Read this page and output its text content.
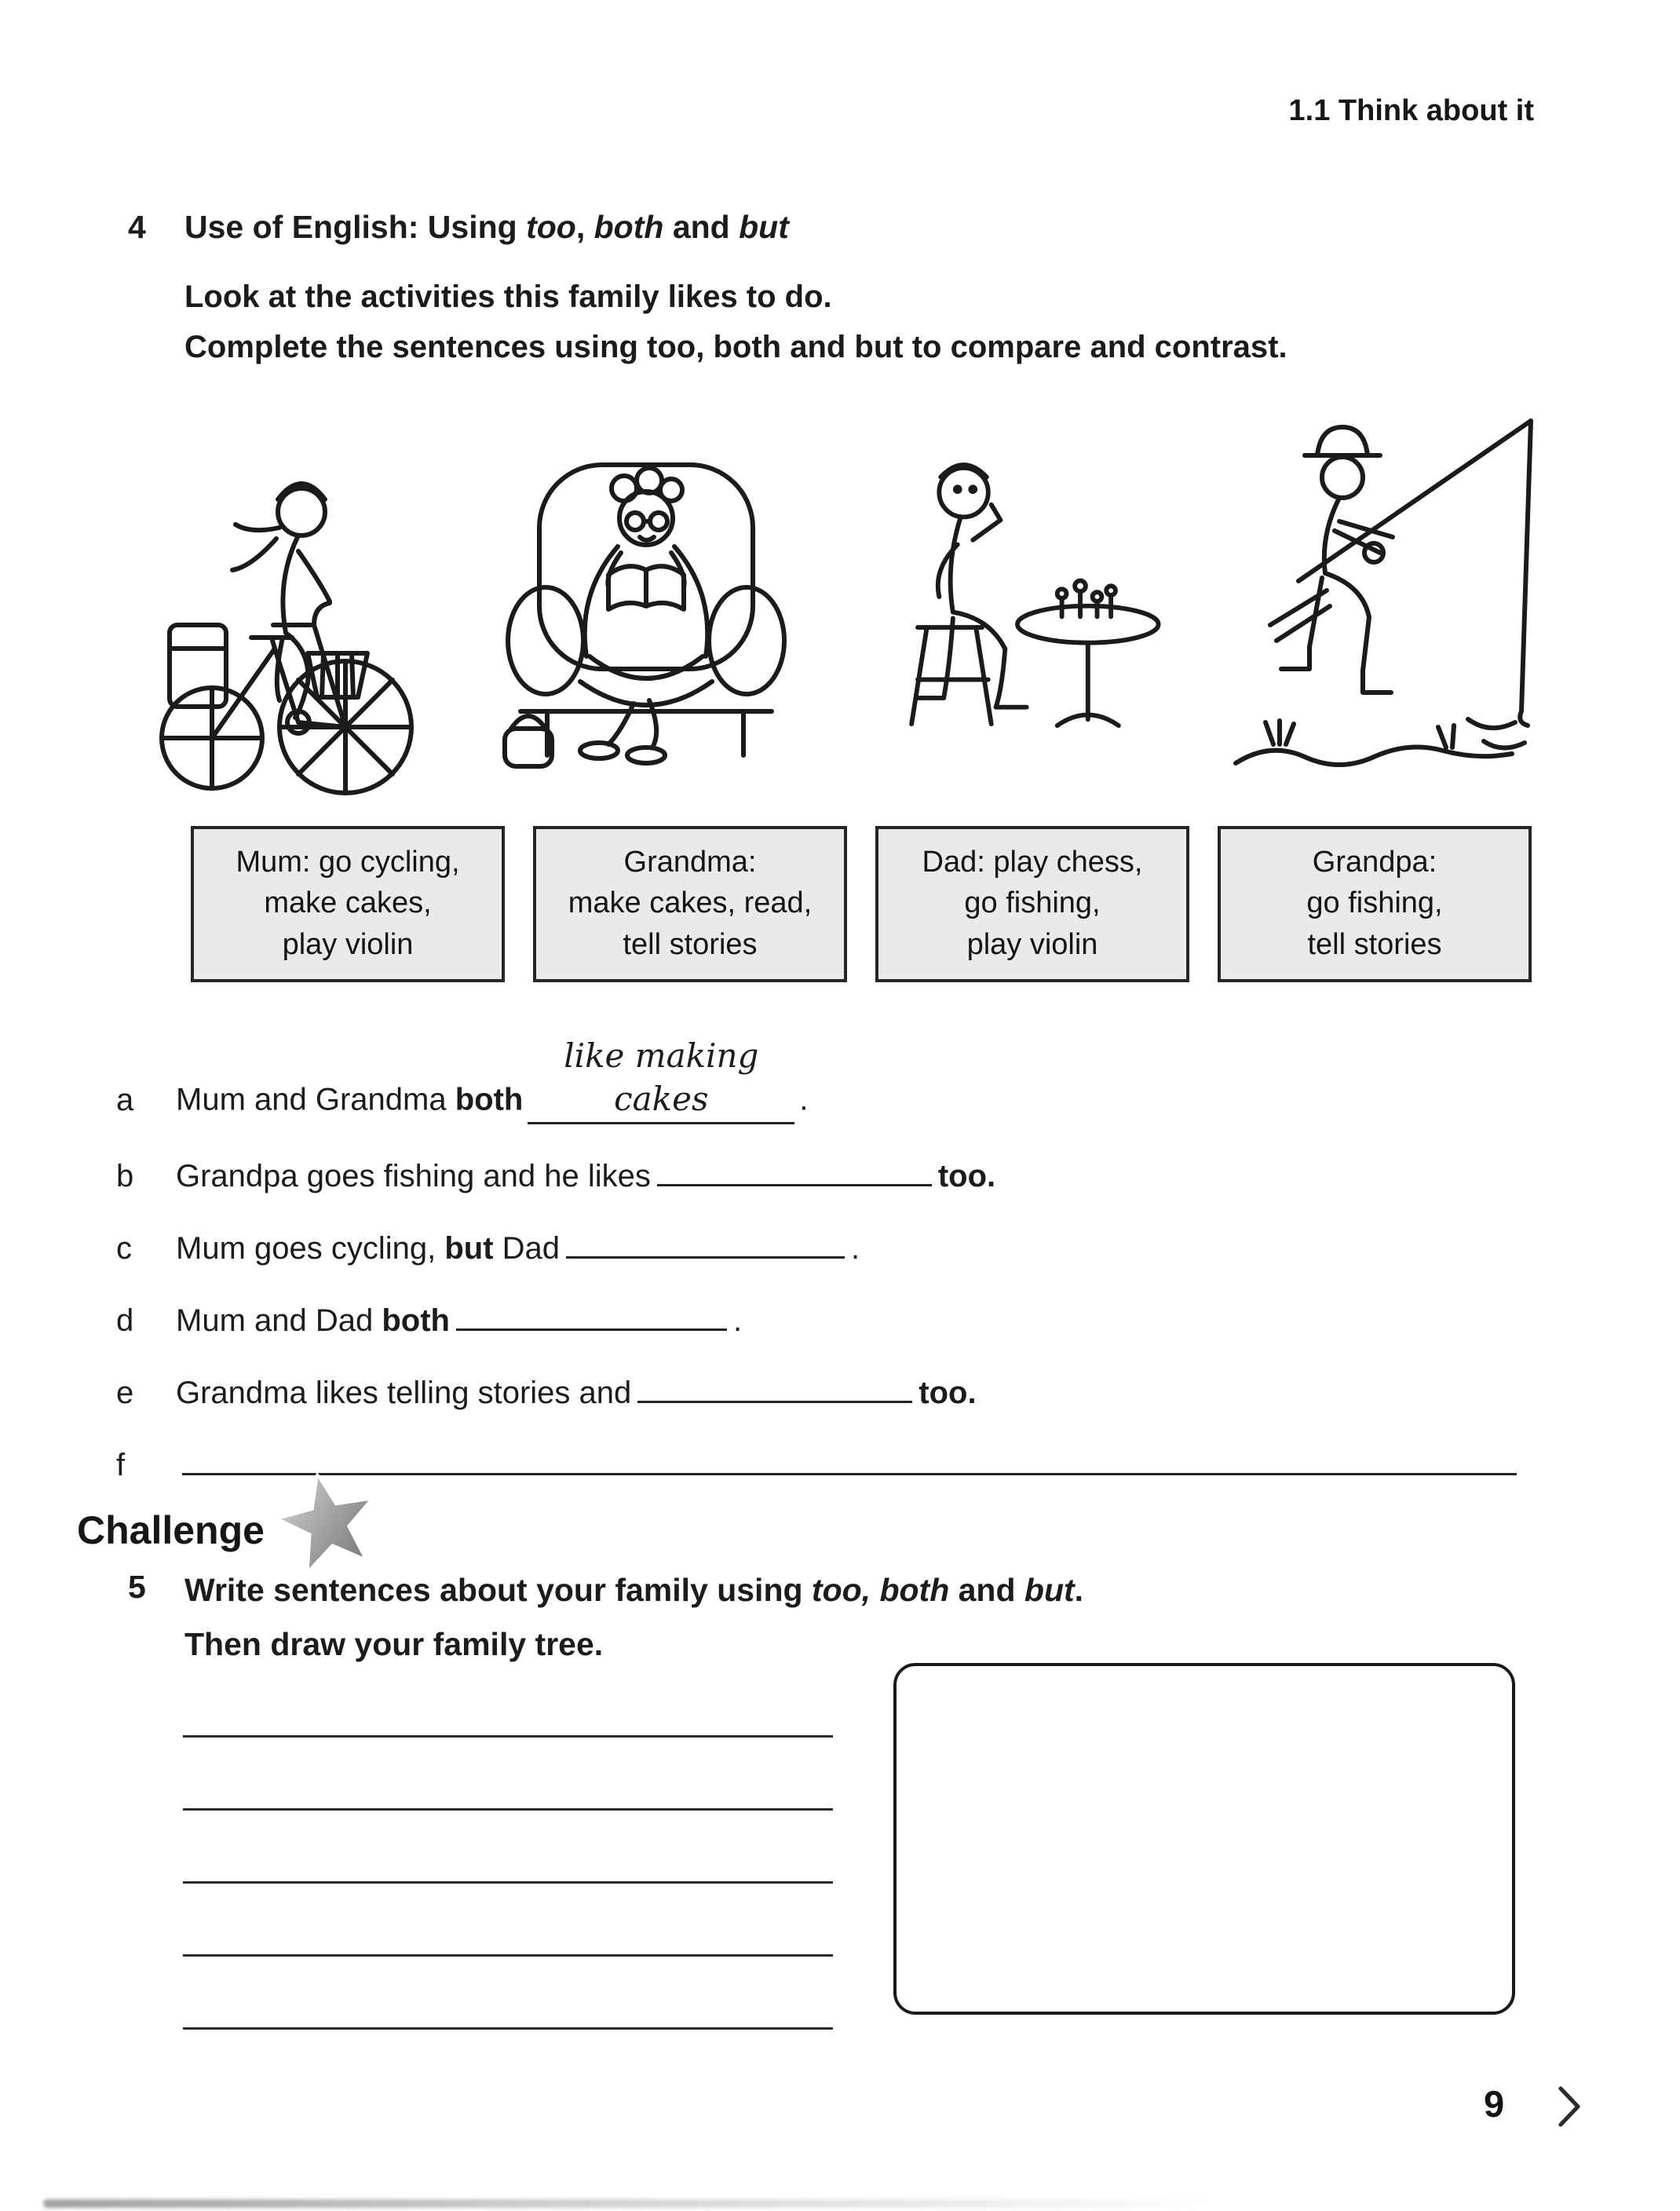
1.1 Think about it
4	Use of English: Using too, both and but

Look at the activities this family likes to do.

Complete the sentences using too, both and but to compare and contrast.

Mum: go cycling,
make cakes,
play violin
Grandma:
make cakes, read,
tell stories
Dad: play chess,
go fishing,
play violin
Grandpa:
go fishing,
tell stories
a	Mum and Grandma bothlike making cakes	.
b	Grandpa goes fishing and he likes	too.
c	Mum goes cycling, but Dad	.
d	Mum and Dad both	.
e	Grandma likes telling stories and	too.
f
Challenge
5	Write sentences about your family using too, both and but.

Then draw your family tree.

9
